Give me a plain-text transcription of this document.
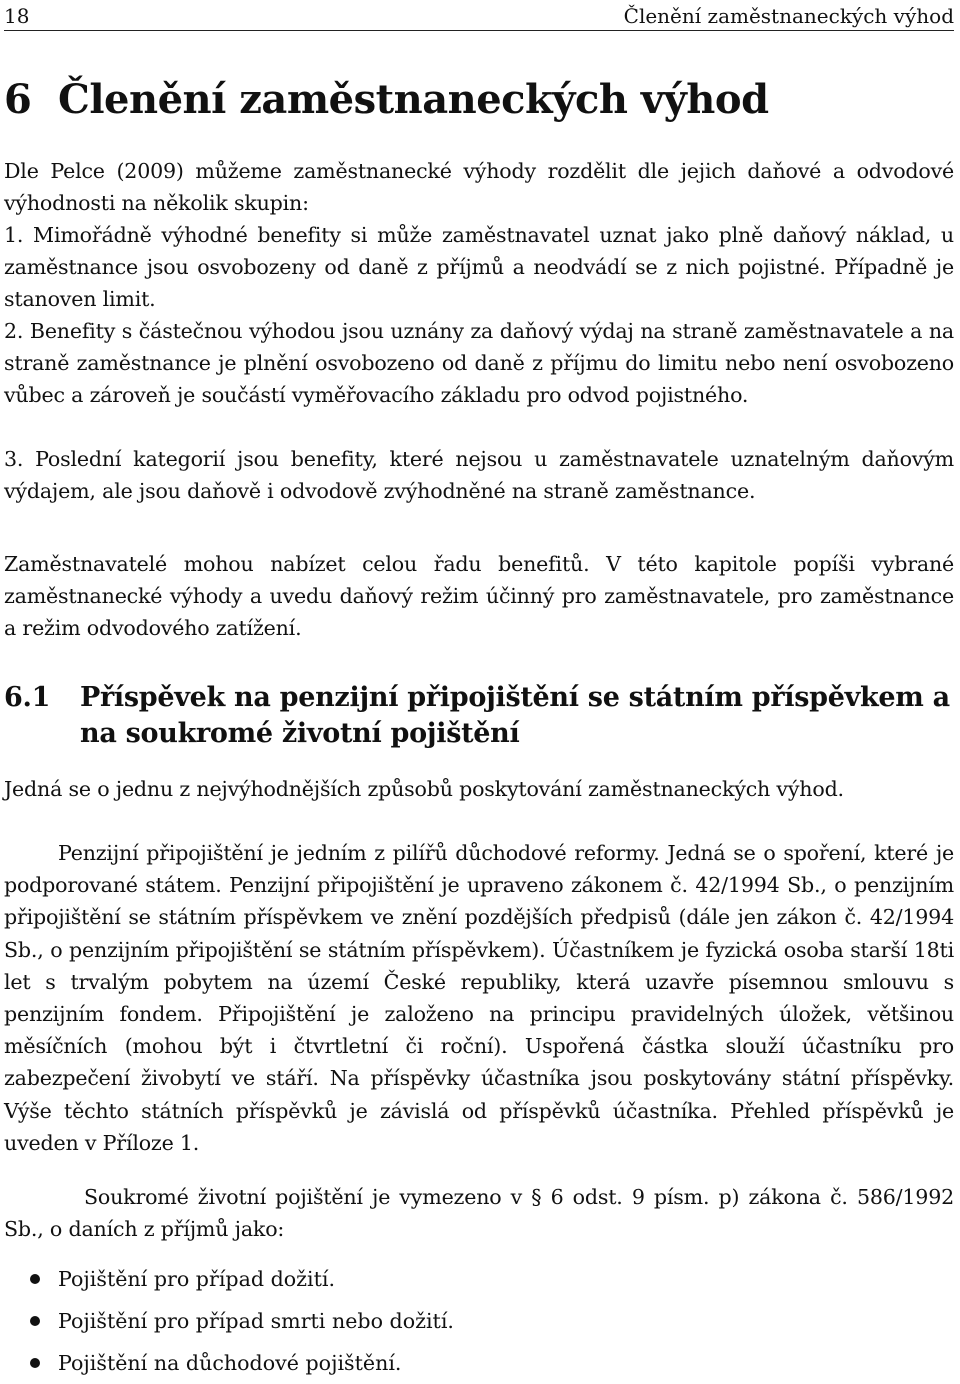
18	Členění zaměstnaneckých výhod
6 Členění zaměstnaneckých výhod

Dle Pelce (2009) můžeme zaměstnanecké výhody rozdělit dle jejich daňové a odvodové výhodnosti na několik skupin:

1. Mimořádně výhodné benefity si může zaměstnavatel uznat jako plně daňový náklad, u zaměstnance jsou osvobozeny od daně z příjmů a neodvádí se z nich pojistné. Případně je stanoven limit.

2. Benefity s částečnou výhodou jsou uznány za daňový výdaj na straně zaměstnavatele a na straně zaměstnance je plnění osvobozeno od daně z příjmu do limitu nebo není osvobozeno vůbec a zároveň je součástí vyměřovacího základu pro odvod pojistného.

3. Poslední kategorií jsou benefity, které nejsou u zaměstnavatele uznatelným daňovým výdajem, ale jsou daňově i odvodově zvýhodněné na straně zaměstnance.

Zaměstnavatelé mohou nabízet celou řadu benefitů. V této kapitole popíši vybrané zaměstnanecké výhody a uvedu daňový režim účinný pro zaměstnavatele, pro zaměstnance a režim odvodového zatížení.

6.1 Příspěvek na penzijní připojištění se státním příspěvkem a na soukromé životní pojištění

Jedná se o jednu z nejvýhodnějších způsobů poskytování zaměstnaneckých výhod.

Penzijní připojištění je jedním z pilířů důchodové reformy. Jedná se o spoření, které je podporované státem. Penzijní připojištění je upraveno zákonem č. 42/1994 Sb., o penzijním připojištění se státním příspěvkem ve znění pozdějších předpisů (dále jen zákon č. 42/1994 Sb., o penzijním připojištění se státním příspěvkem). Účastníkem je fyzická osoba starší 18ti let s trvalým pobytem na území České republiky, která uzavře písemnou smlouvu s penzijním fondem. Připojištění je založeno na principu pravidelných úložek, většinou měsíčních (mohou být i čtvrtletní či roční). Uspořená částka slouží účastníku pro zabezpečení živobytí ve stáří. Na příspěvky účastníka jsou poskytovány státní příspěvky. Výše těchto státních příspěvků je závislá od příspěvků účastníka. Přehled příspěvků je uveden v Příloze 1.

Soukromé životní pojištění je vymezeno v § 6 odst. 9 písm. p) zákona č. 586/1992 Sb., o daních z příjmů jako:

Pojištění pro případ dožití.
Pojištění pro případ smrti nebo dožití.
Pojištění na důchodové pojištění.
